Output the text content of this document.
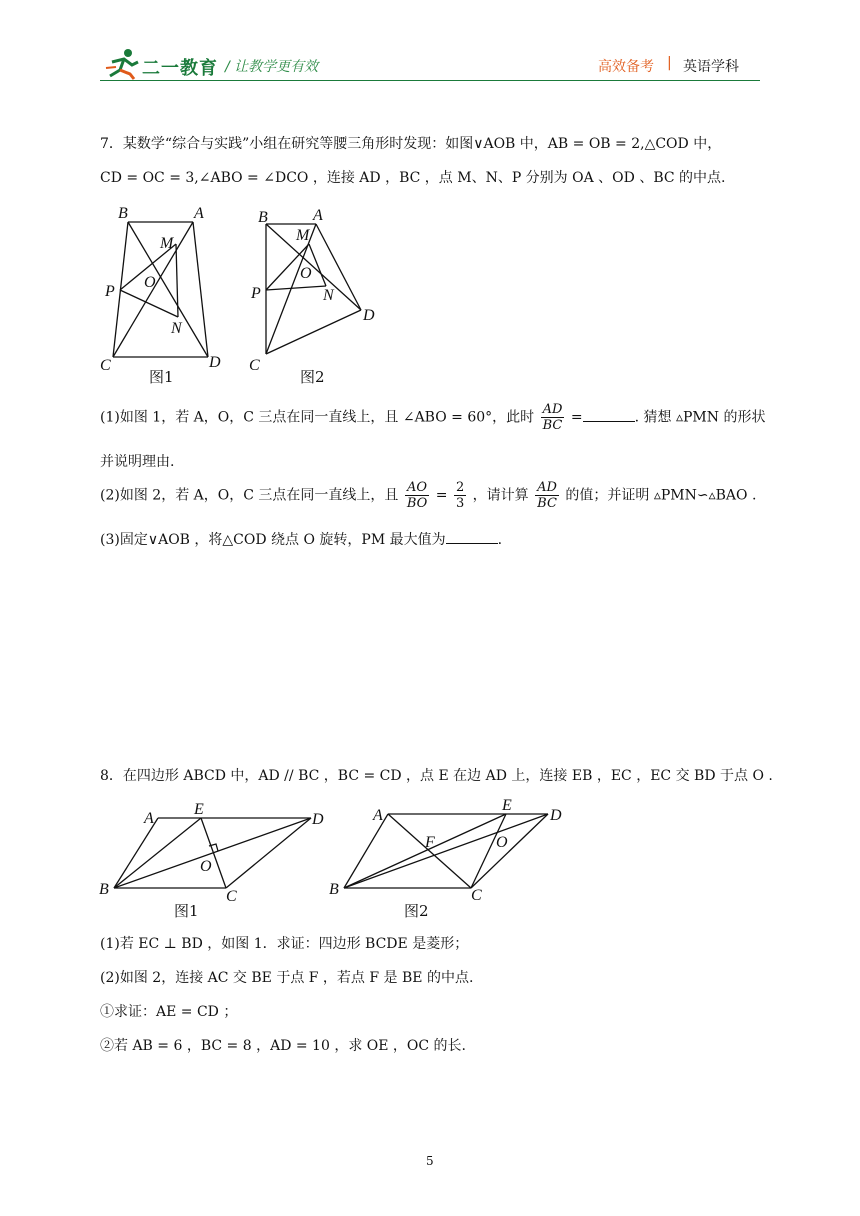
二一教育 / 让教学更有效	高效备考 | 英语学科
7．某数学“综合与实践”小组在研究等腰三角形时发现：如图∨AOB 中，AB = OB = 2,△COD 中，
CD = OC = 3,∠ABO = ∠DCO ，连接 AD ，BC ，点 M、N、P 分别为 OA 、OD 、BC 的中点.
B	A
M
O
P
N
C	D
图1
B	A
M
O
P	N
D
C
图2
(1)如图 1，若 A，O，C 三点在同一直线上，且 ∠ABO = 60°，此时 $\frac{AD}{BC}$ =	. 猜想 ▵PMN 的形状
并说明理由.
(2)如图 2，若 A，O，C 三点在同一直线上，且 $\frac{AO}{BO} = \frac{2}{3}$ ，请计算 $\frac{AD}{BC}$ 的值；并证明 ▵PMN∽▵BAO .
(3)固定∨AOB ，将△COD 绕点 O 旋转，PM 最大值为	.
8．在四边形 ABCD 中，AD // BC ，BC = CD ，点 E 在边 AD 上，连接 EB ，EC ，EC 交 BD 于点 O .
A
E
D
O
B	C
图1
A
E
D
F	O
B	C
图2
(1)若 EC ⊥ BD ，如图 1．求证：四边形 BCDE 是菱形；
(2)如图 2，连接 AC 交 BE 于点 F ，若点 F 是 BE 的中点.
①求证：AE = CD ；
②若 AB = 6 ，BC = 8 ，AD = 10 ，求 OE ，OC 的长.
5
